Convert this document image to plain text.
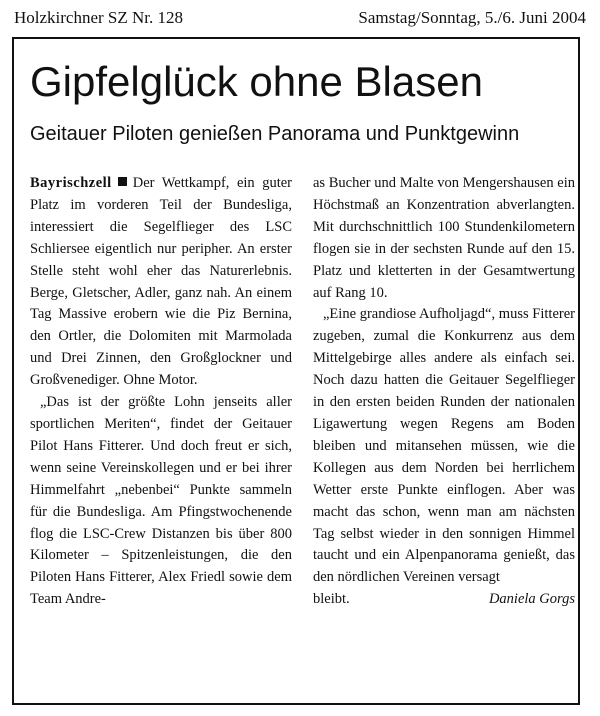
Holzkirchner SZ Nr. 128	Samstag/Sonntag, 5./6. Juni 2004
Gipfelglück ohne Blasen
Geitauer Piloten genießen Panorama und Punktgewinn

Bayrischzell Der Wettkampf, ein guter Platz im vorderen Teil der Bundesliga, interessiert die Segelflieger des LSC Schliersee eigentlich nur peripher. An erster Stelle steht wohl eher das Naturerlebnis. Berge, Gletscher, Adler, ganz nah. An einem Tag Massive erobern wie die Piz Bernina, den Ortler, die Dolomiten mit Marmolada und Drei Zinnen, den Großglockner und Großvenediger. Ohne Motor.

„Das ist der größte Lohn jenseits aller sportlichen Meriten“, findet der Geitauer Pilot Hans Fitterer. Und doch freut er sich, wenn seine Vereinskollegen und er bei ihrer Himmelfahrt „nebenbei“ Punkte sammeln für die Bundesliga. Am Pfingstwochenende flog die LSC-Crew Distanzen bis über 800 Kilometer – Spitzenleistungen, die den Piloten Hans Fitterer, Alex Friedl sowie dem Team Andre-

as Bucher und Malte von Mengershausen ein Höchstmaß an Konzentration abverlangten. Mit durchschnittlich 100 Stundenkilometern flogen sie in der sechsten Runde auf den 15. Platz und kletterten in der Gesamtwertung auf Rang 10.

„Eine grandiose Aufholjagd“, muss Fitterer zugeben, zumal die Konkurrenz aus dem Mittelgebirge alles andere als einfach sei. Noch dazu hatten die Geitauer Segelflieger in den ersten beiden Runden der nationalen Ligawertung wegen Regens am Boden bleiben und mitansehen müssen, wie die Kollegen aus dem Norden bei herrlichem Wetter erste Punkte einflogen. Aber was macht das schon, wenn man am nächsten Tag selbst wieder in den sonnigen Himmel taucht und ein Alpenpanorama genießt, das den nördlichen Vereinen versagt

bleibt.	Daniela Gorgs
